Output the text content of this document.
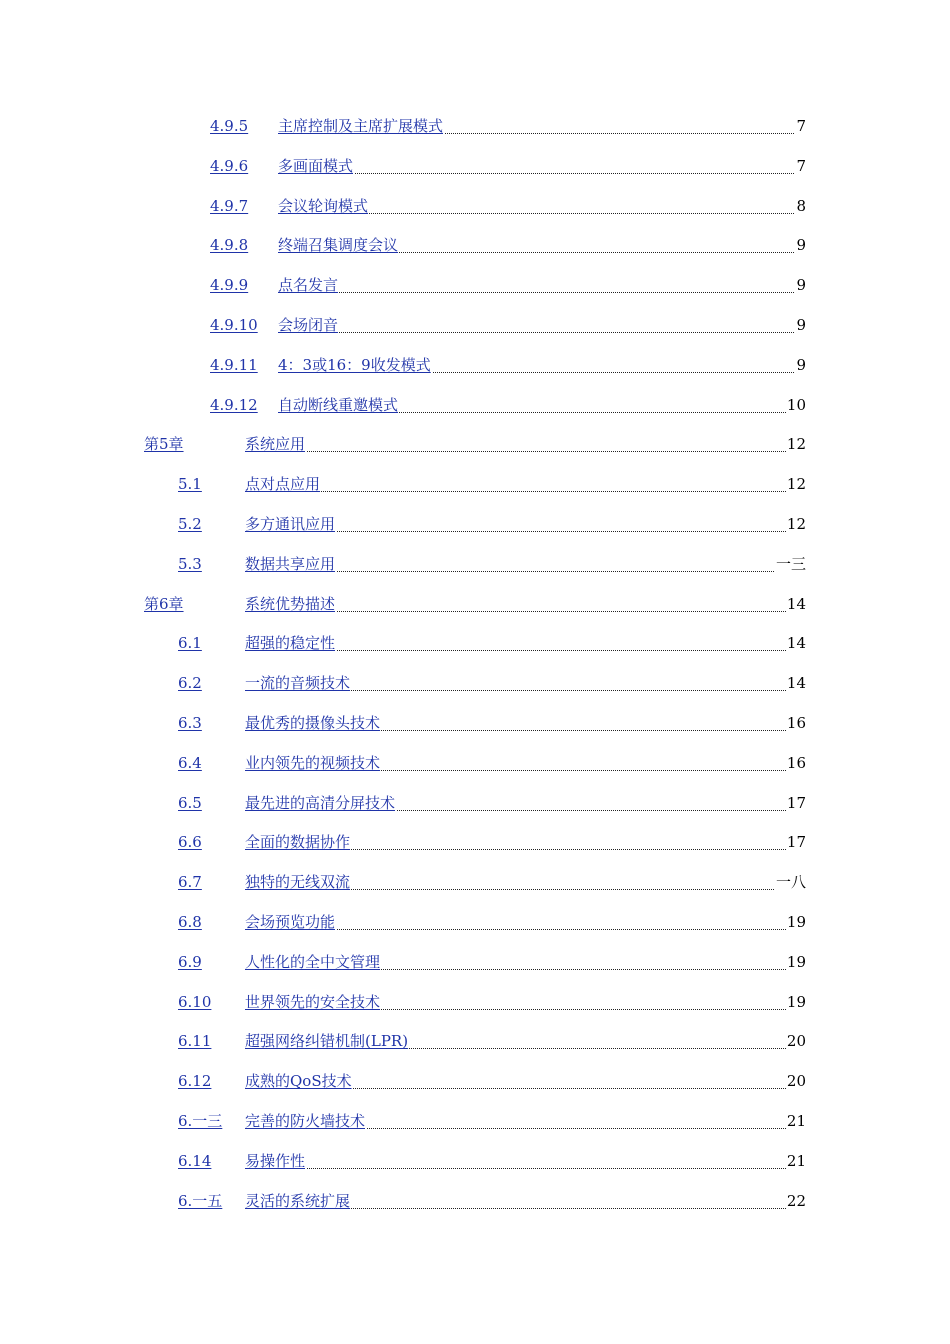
4.9.5 主席控制及主席扩展模式	7
4.9.6 多画面模式	7
4.9.7 会议轮询模式	8
4.9.8 终端召集调度会议	9
4.9.9 点名发言	9
4.9.10 会场闭音	9
4.9.11 4：3或16：9收发模式	9
4.9.12 自动断线重邀模式	10
第5章	系统应用	12
5.1	点对点应用	12
5.2	多方通讯应用	12
5.3	数据共享应用	一三
第6章	系统优势描述	14
6.1	超强的稳定性	14
6.2	一流的音频技术	14
6.3	最优秀的摄像头技术	16
6.4	业内领先的视频技术	16
6.5	最先进的高清分屏技术	17
6.6	全面的数据协作	17
6.7	独特的无线双流	一八
6.8	会场预览功能	19
6.9	人性化的全中文管理	19
6.10 世界领先的安全技术	19
6.11 超强网络纠错机制(LPR)	20
6.12 成熟的QoS技术	20
6.一三 完善的防火墙技术	21
6.14 易操作性	21
6.一五 灵活的系统扩展	22
